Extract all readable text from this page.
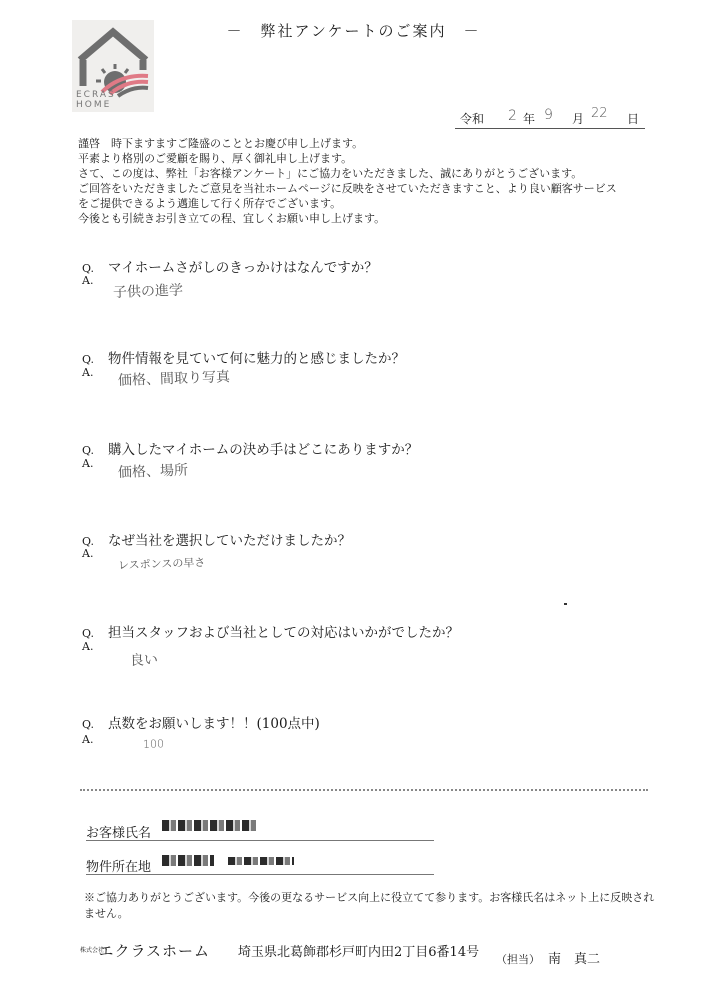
－　弊社アンケートのご案内　－
ECRAS
HOME
令和 2 年 9 月 22 日
謹啓　時下ますますご隆盛のこととお慶び申し上げます。
平素より格別のご愛顧を賜り、厚く御礼申し上げます。
さて、この度は、弊社「お客様アンケート」にご協力をいただきました、誠にありがとうございます。
ご回答をいただきましたご意見を当社ホームページに反映をさせていただきますこと、より良い顧客サービス
をご提供できるよう邁進して行く所存でございます。
今後とも引続きお引き立ての程、宜しくお願い申し上げます。
Q. マイホームさがしのきっかけはなんですか？
A.
子供の進学
Q. 物件情報を見ていて何に魅力的と感じましたか？
A. 価格、間取り写真
Q. 購入したマイホームの決め手はどこにありますか？
A. 価格、場所
Q. なぜ当社を選択していただけましたか？
A.
レスポンスの早さ
Q. 担当スタッフおよび当社としての対応はいかがでしたか？
A.
良い
Q. 点数をお願いします！！(100点中)
A.	100
お客様氏名
物件所在地
※ご協力ありがとうございます。今後の更なるサービス向上に役立てて参ります。お客様氏名はネット上に反映されません。
株式会社 エクラスホーム 埼玉県北葛飾郡杉戸町内田2丁目6番14号 （担当） 南　真二
